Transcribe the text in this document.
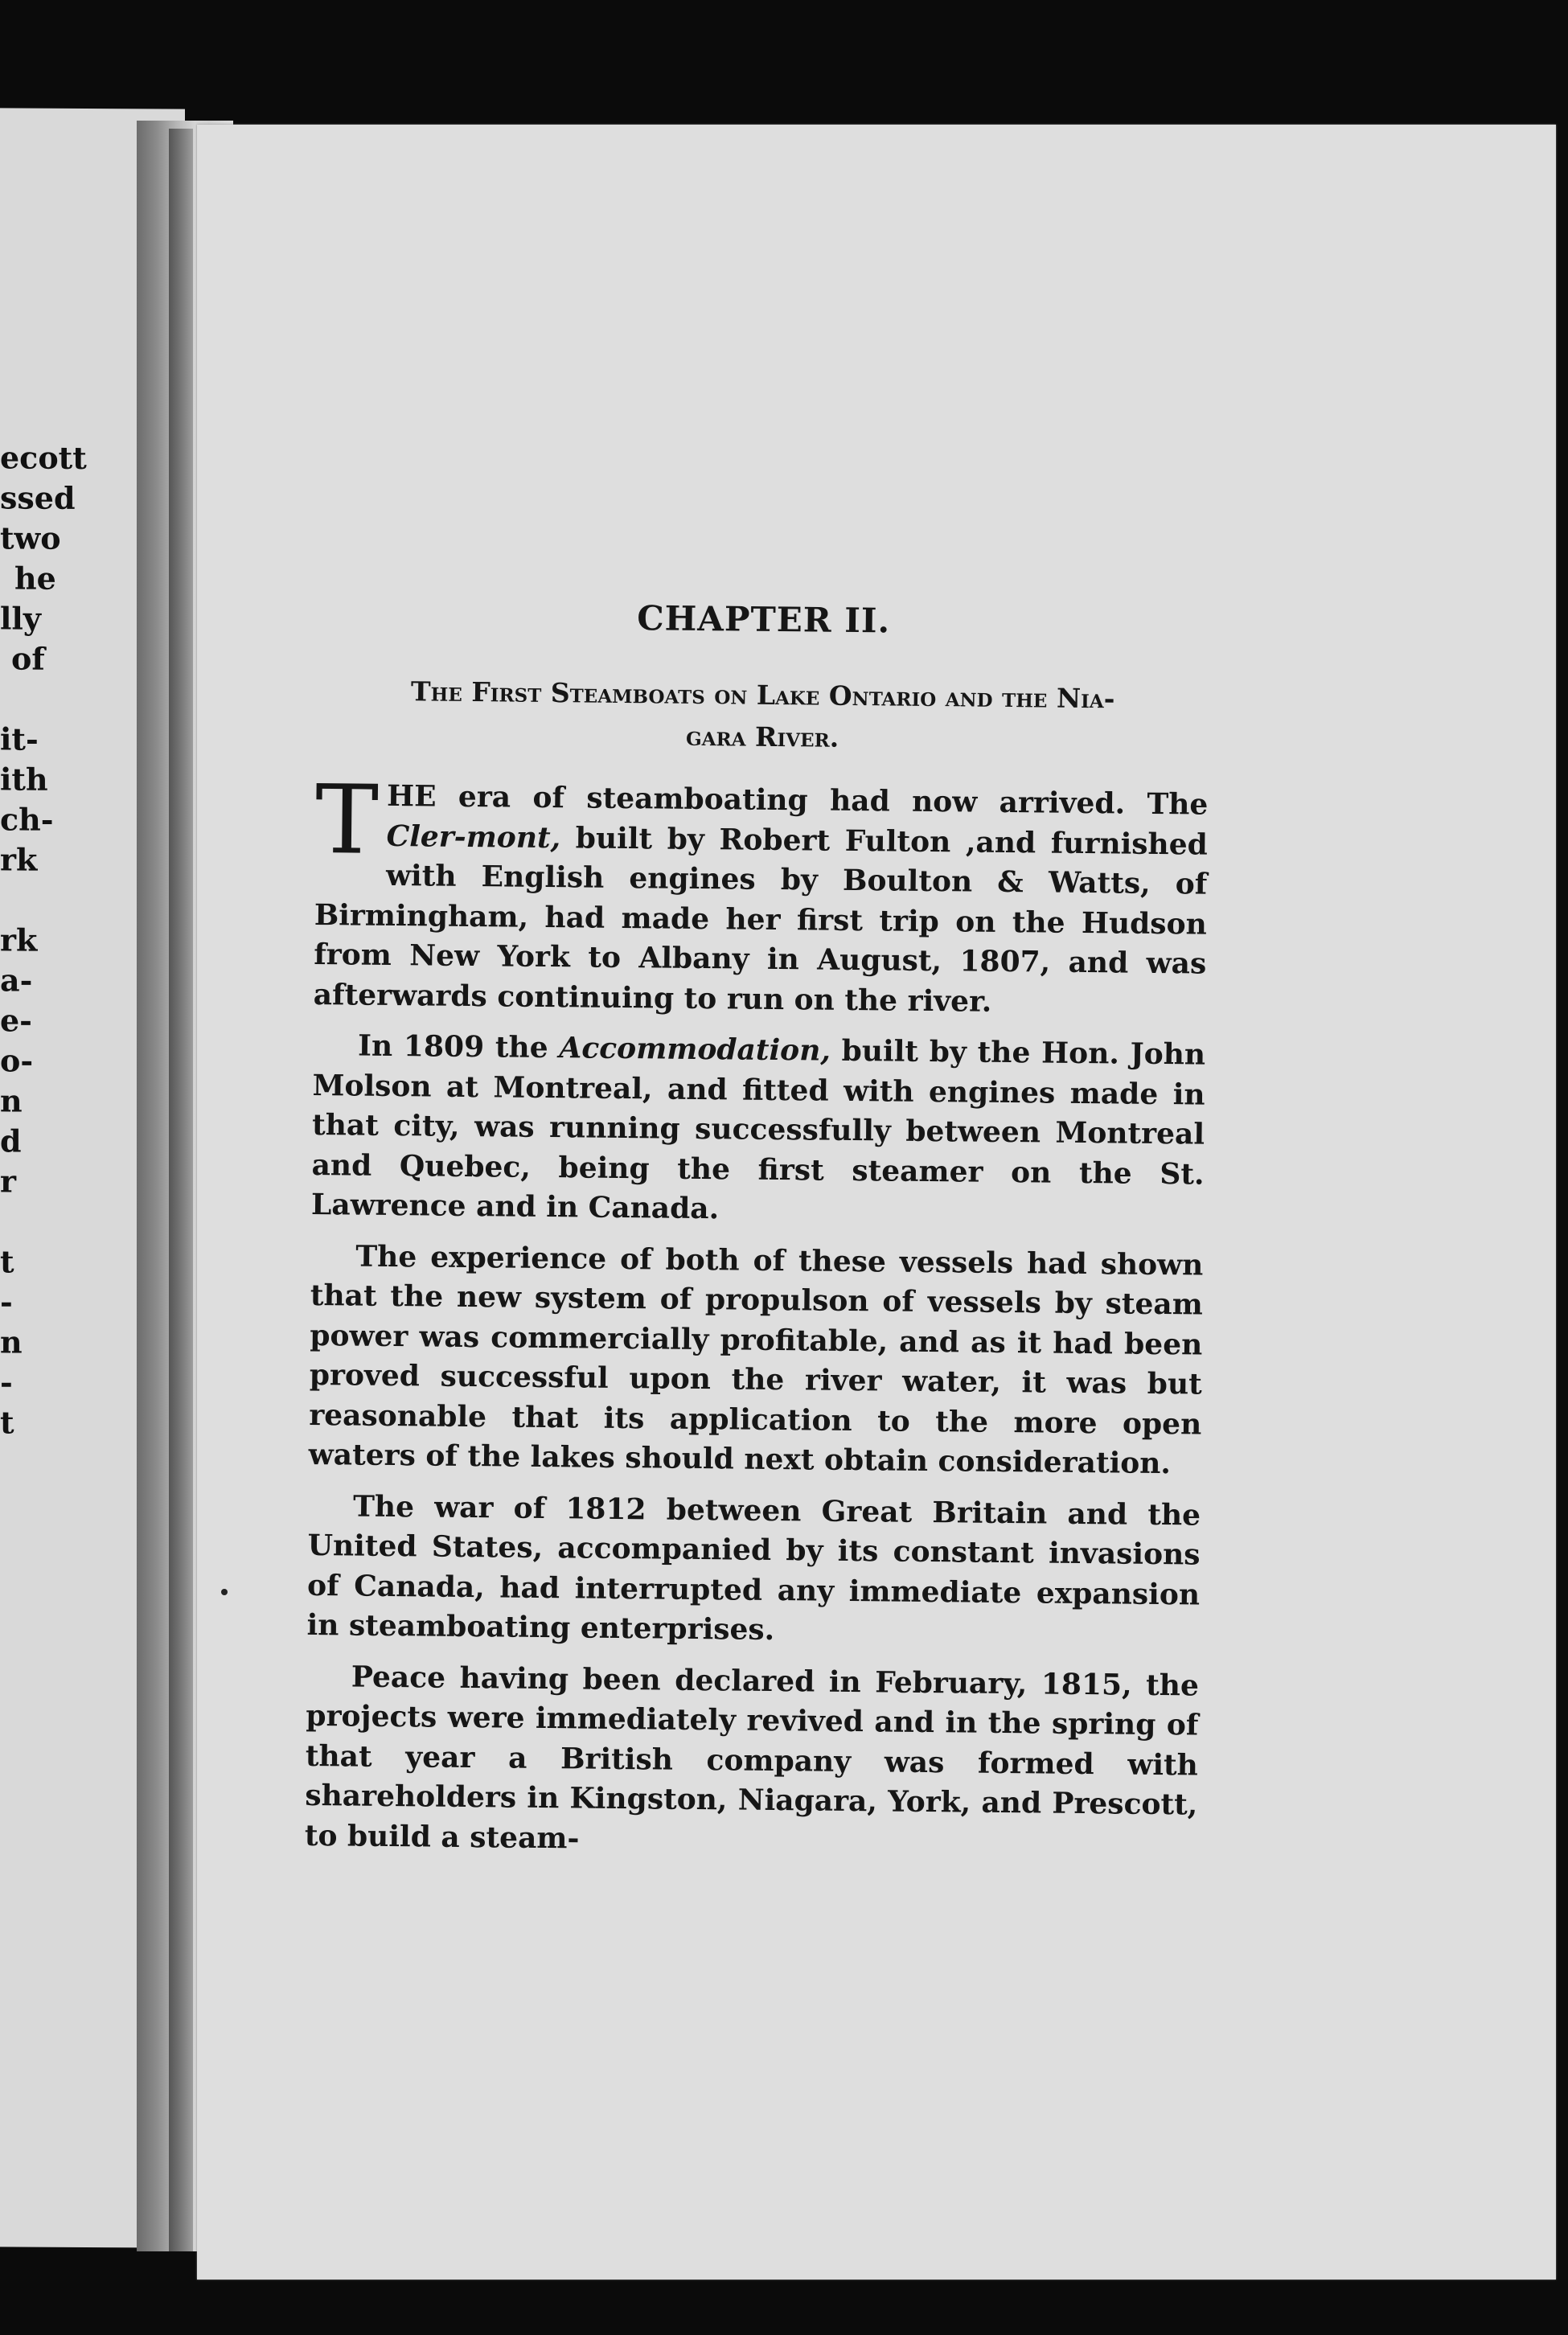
ecott
ssed
two
he
lly
of
it-
ith
ch-
rk
rk
a-
e-
o-
n
d
r
t
-
n
-
t
CHAPTER II.
The First Steamboats on Lake Ontario and the Nia-
gara River.

THE era of steamboating had now arrived. The Cler-mont, built by Robert Fulton ,and furnished with English engines by Boulton & Watts, of Birmingham, had made her first trip on the Hudson from New York to Albany in August, 1807, and was afterwards continuing to run on the river.

In 1809 the Accommodation, built by the Hon. John Molson at Montreal, and fitted with engines made in that city, was running successfully between Montreal and Quebec, being the first steamer on the St. Lawrence and in Canada.

The experience of both of these vessels had shown that the new system of propulson of vessels by steam power was commercially profitable, and as it had been proved successful upon the river water, it was but reasonable that its application to the more open waters of the lakes should next obtain consideration.

The war of 1812 between Great Britain and the United States, accompanied by its constant invasions of Canada, had interrupted any immediate expansion in steamboating enterprises.

Peace having been declared in February, 1815, the projects were immediately revived and in the spring of that year a British company was formed with shareholders in Kingston, Niagara, York, and Prescott, to build a steam-
